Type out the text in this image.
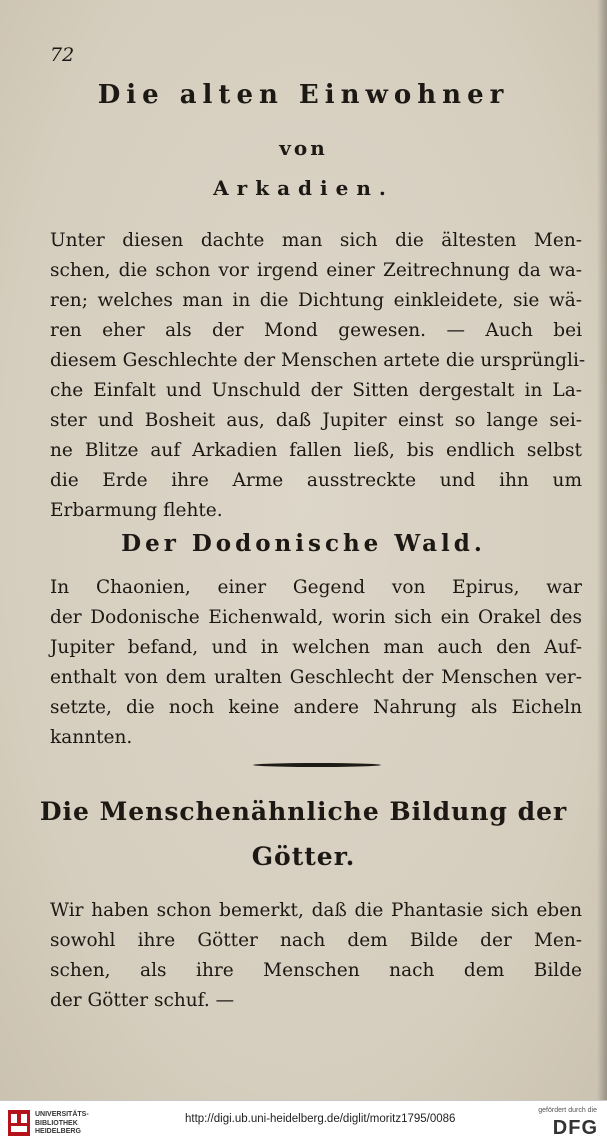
72
Die alten Einwohner
von
Arkadien.
Unter diesen dachte man sich die ältesten Men-
schen, die schon vor irgend einer Zeitrechnung da wa-
ren; welches man in die Dichtung einkleidete, sie wä-
ren eher als der Mond gewesen. — Auch bei
diesem Geschlechte der Menschen artete die ursprüngli-
che Einfalt und Unschuld der Sitten dergestalt in La-
ster und Bosheit aus, daß Jupiter einst so lange sei-
ne Blitze auf Arkadien fallen ließ, bis endlich selbst
die Erde ihre Arme ausstreckte und ihn um
Erbarmung flehte.
Der Dodonische Wald.
In Chaonien, einer Gegend von Epirus, war
der Dodonische Eichenwald, worin sich ein Orakel des
Jupiter befand, und in welchen man auch den Auf-
enthalt von dem uralten Geschlecht der Menschen ver-
setzte, die noch keine andere Nahrung als Eicheln
kannten.
Die Menschenähnliche Bildung der
Götter.
Wir haben schon bemerkt, daß die Phantasie sich eben
sowohl ihre Götter nach dem Bilde der Men-
schen, als ihre Menschen nach dem Bilde
der Götter schuf. —
UNIVERSITÄTS-
BIBLIOTHEK
HEIDELBERG
http://digi.ub.uni-heidelberg.de/diglit/moritz1795/0086
gefördert durch die
DFG
